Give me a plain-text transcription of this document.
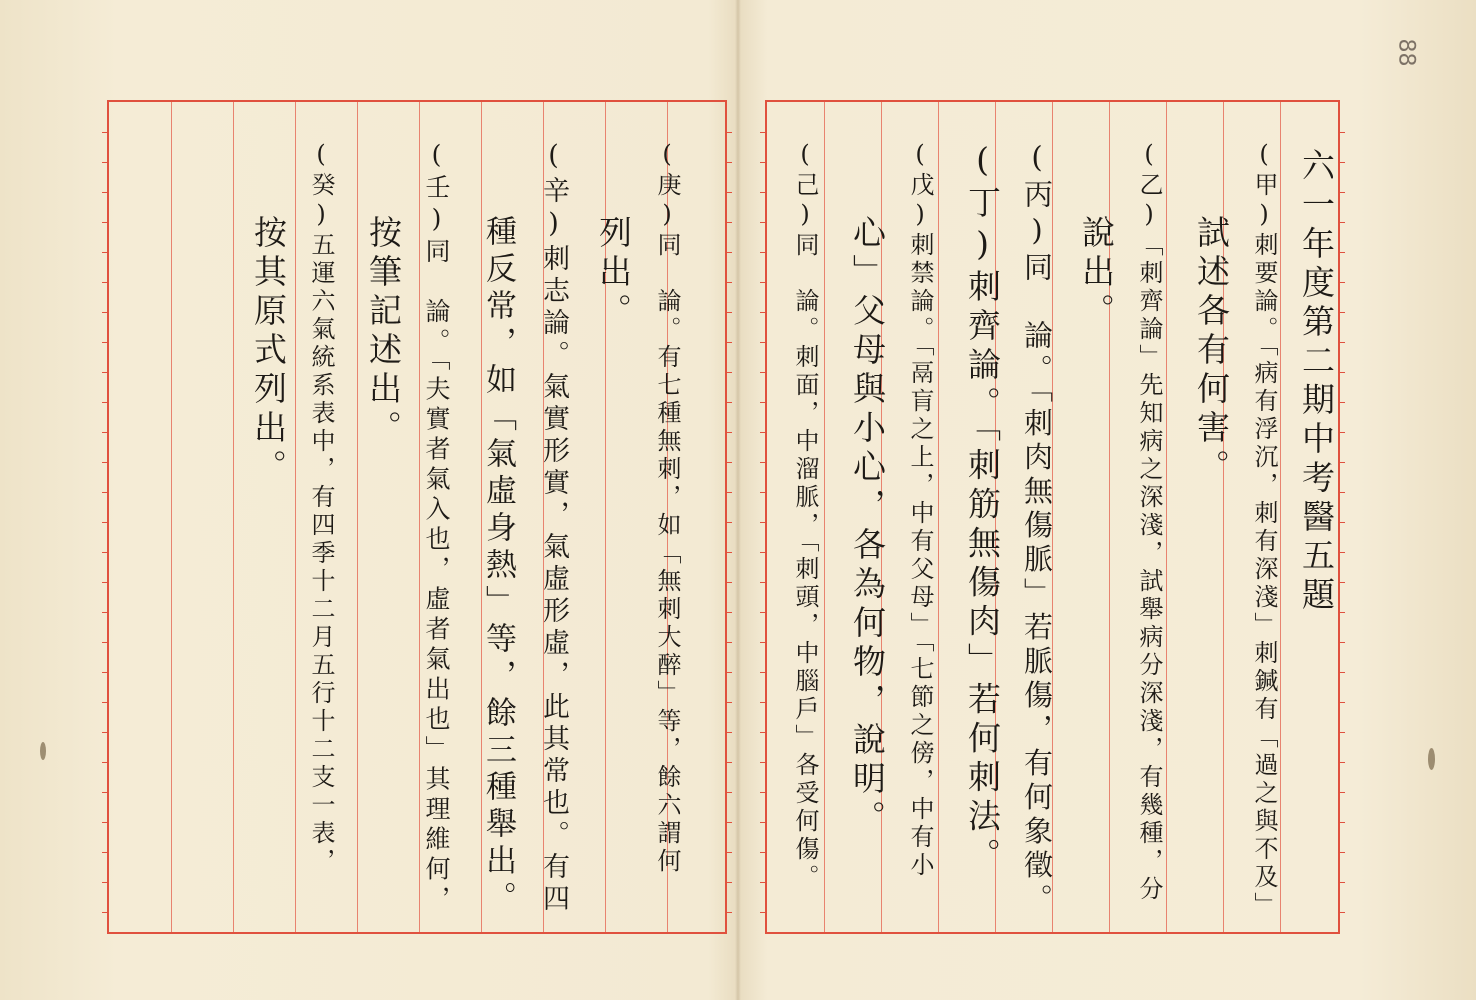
88
六一年度第二期中考醫五題
(甲)刺要論。「病有浮沉，刺有深淺」刺鍼有「過之與不及」
試述各有何害。
(乙)「刺齊論」先知病之深淺，試舉病分深淺，有幾種，分
說出。
(丙)同　論。「刺肉無傷脈」若脈傷，有何象徵。
(丁)刺齊論。「刺筋無傷肉」若何刺法。
(戊)刺禁論。「鬲肓之上，中有父母」「七節之傍，中有小
心」父母與小心，各為何物，說明。
(己)同　論。刺面，中溜脈，「刺頭，中腦戶」各受何傷。
(庚)同　論。有七種無刺，如「無刺大醉」等，餘六謂何
列出。
(辛)刺志論。氣實形實，氣虛形虛，此其常也。有四
種反常，如「氣虛身熱」等，餘三種舉出。
(壬)同　論。「夫實者氣入也，虛者氣出也」其理維何，
按筆記述出。
(癸)五運六氣統系表中，有四季十二月五行十二支一表，
按其原式列出。
